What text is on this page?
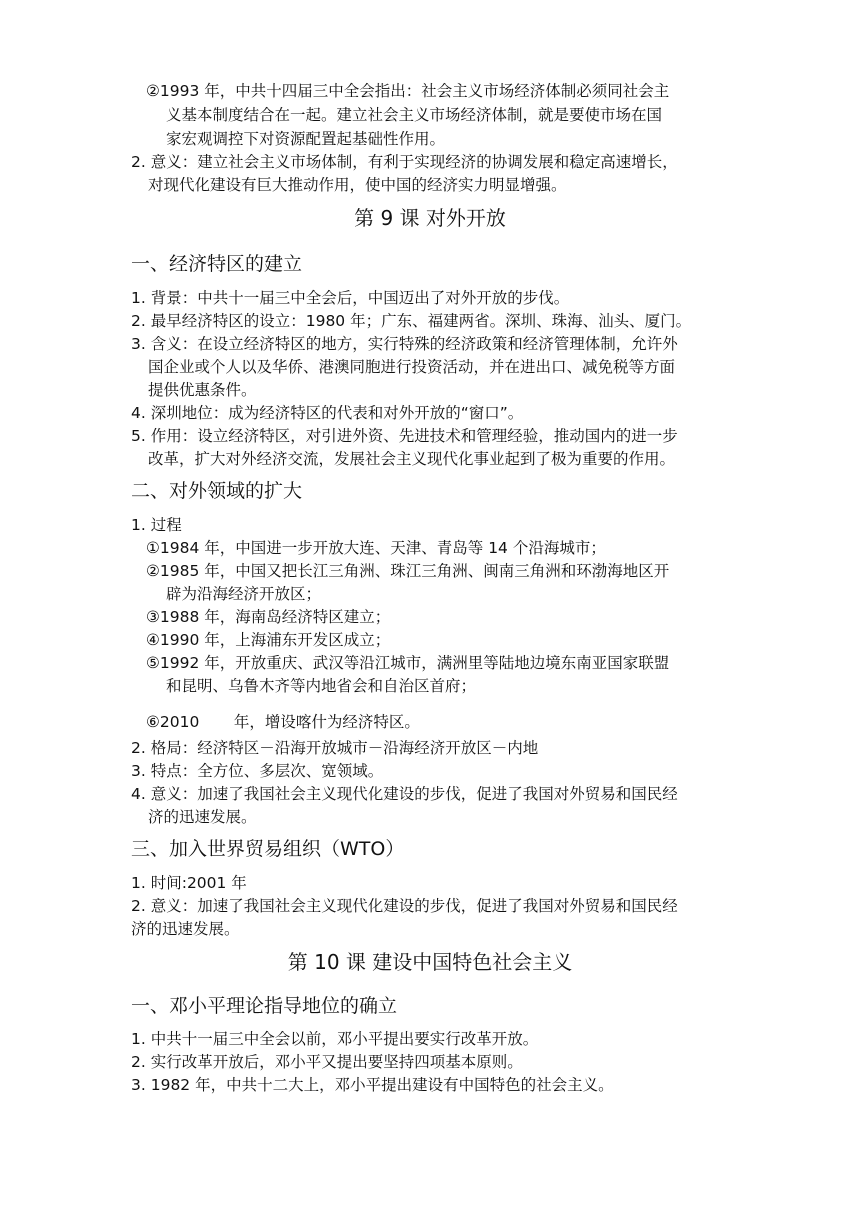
②1993 年，中共十四届三中全会指出：社会主义市场经济体制必须同社会主
义基本制度结合在一起。建立社会主义市场经济体制，就是要使市场在国
家宏观调控下对资源配置起基础性作用。
2. 意义：建立社会主义市场体制，有利于实现经济的协调发展和稳定高速增长，
对现代化建设有巨大推动作用，使中国的经济实力明显增强。
第 9 课 对外开放
一、经济特区的建立
1. 背景：中共十一届三中全会后，中国迈出了对外开放的步伐。
2. 最早经济特区的设立：1980 年；广东、福建两省。深圳、珠海、汕头、厦门。
3. 含义：在设立经济特区的地方，实行特殊的经济政策和经济管理体制，允许外
国企业或个人以及华侨、港澳同胞进行投资活动，并在进出口、减免税等方面
提供优惠条件。
4. 深圳地位：成为经济特区的代表和对外开放的“窗口”。
5. 作用：设立经济特区，对引进外资、先进技术和管理经验，推动国内的进一步
改革，扩大对外经济交流，发展社会主义现代化事业起到了极为重要的作用。
二、对外领域的扩大
1. 过程
①1984 年，中国进一步开放大连、天津、青岛等 14 个沿海城市；
②1985 年，中国又把长江三角洲、珠江三角洲、闽南三角洲和环渤海地区开
辟为沿海经济开放区；
③1988 年，海南岛经济特区建立；
④1990 年，上海浦东开发区成立；
⑤1992 年，开放重庆、武汉等沿江城市，满洲里等陆地边境东南亚国家联盟
和昆明、乌鲁木齐等内地省会和自治区首府；
⑥2010       年，增设喀什为经济特区。
2. 格局：经济特区－沿海开放城市－沿海经济开放区－内地
3. 特点：全方位、多层次、宽领域。
4. 意义：加速了我国社会主义现代化建设的步伐，促进了我国对外贸易和国民经
济的迅速发展。
三、加入世界贸易组织（WTO）
1. 时间:2001 年
2. 意义：加速了我国社会主义现代化建设的步伐，促进了我国对外贸易和国民经
济的迅速发展。
第 10 课 建设中国特色社会主义
一、邓小平理论指导地位的确立
1. 中共十一届三中全会以前，邓小平提出要实行改革开放。
2. 实行改革开放后，邓小平又提出要坚持四项基本原则。
3. 1982 年，中共十二大上，邓小平提出建设有中国特色的社会主义。
